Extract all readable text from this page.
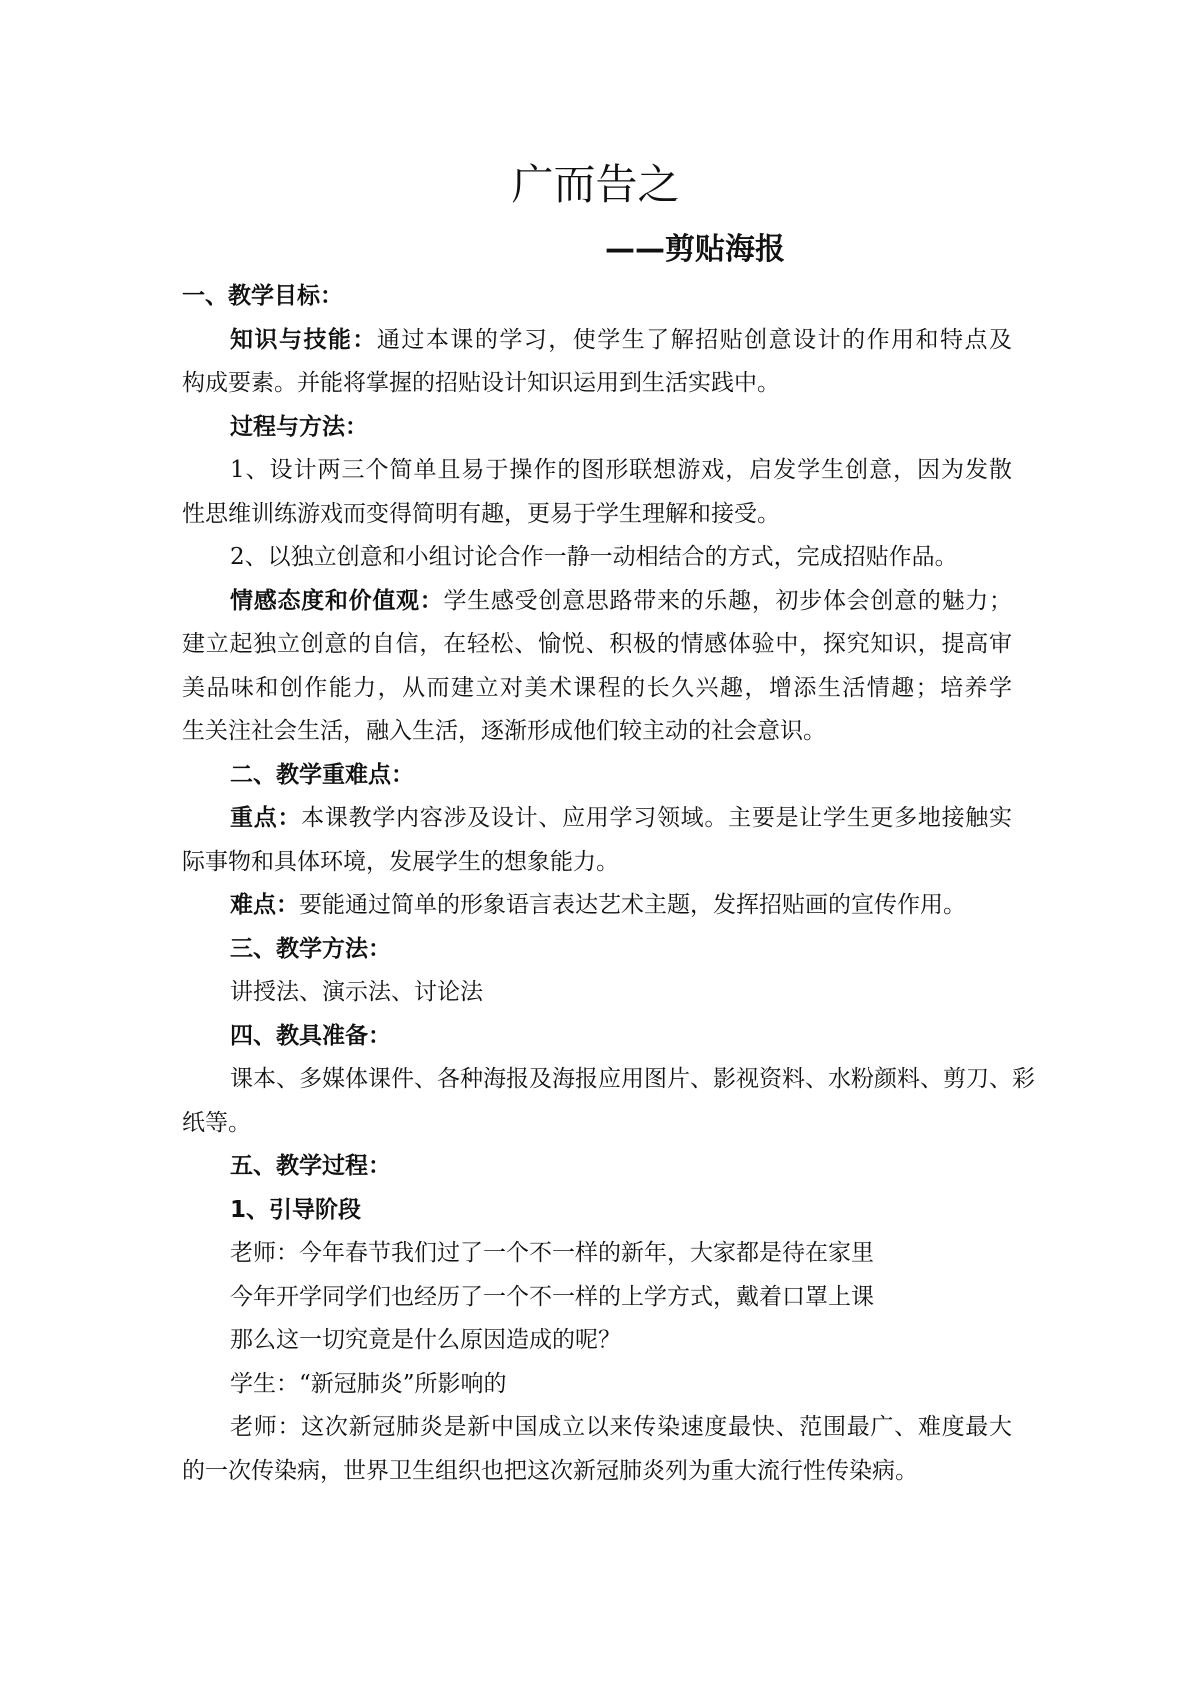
广而告之
——剪贴海报
一、教学目标：
知识与技能：通过本课的学习，使学生了解招贴创意设计的作用和特点及
构成要素。并能将掌握的招贴设计知识运用到生活实践中。
过程与方法：
1、设计两三个简单且易于操作的图形联想游戏，启发学生创意，因为发散
性思维训练游戏而变得简明有趣，更易于学生理解和接受。
2、以独立创意和小组讨论合作一静一动相结合的方式，完成招贴作品。
情感态度和价值观：学生感受创意思路带来的乐趣，初步体会创意的魅力；
建立起独立创意的自信，在轻松、愉悦、积极的情感体验中，探究知识，提高审
美品味和创作能力，从而建立对美术课程的长久兴趣，增添生活情趣；培养学
生关注社会生活，融入生活，逐渐形成他们较主动的社会意识。
二、教学重难点：
重点：本课教学内容涉及设计、应用学习领域。主要是让学生更多地接触实
际事物和具体环境，发展学生的想象能力。
难点：要能通过简单的形象语言表达艺术主题，发挥招贴画的宣传作用。
三、教学方法：
讲授法、演示法、讨论法
四、教具准备：
课本、多媒体课件、各种海报及海报应用图片、影视资料、水粉颜料、剪刀、彩
纸等。
五、教学过程：
1、引导阶段
老师：今年春节我们过了一个不一样的新年，大家都是待在家里
今年开学同学们也经历了一个不一样的上学方式，戴着口罩上课
那么这一切究竟是什么原因造成的呢？
学生：“新冠肺炎”所影响的
老师：这次新冠肺炎是新中国成立以来传染速度最快、范围最广、难度最大
的一次传染病，世界卫生组织也把这次新冠肺炎列为重大流行性传染病。
